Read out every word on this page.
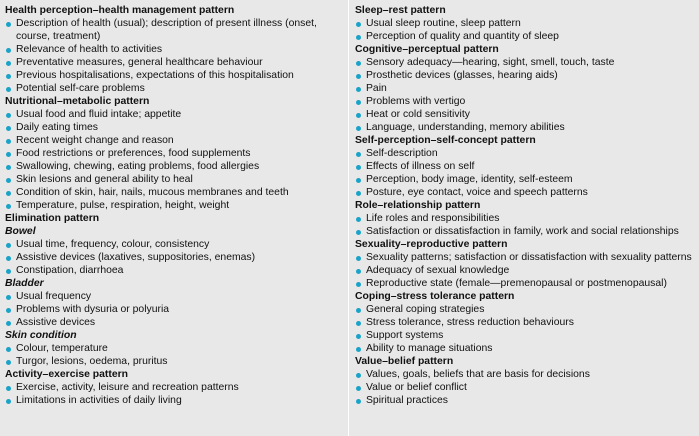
Health perception–health management pattern
Description of health (usual); description of present illness (onset, course, treatment)
Relevance of health to activities
Preventative measures, general healthcare behaviour
Previous hospitalisations, expectations of this hospitalisation
Potential self-care problems
Nutritional–metabolic pattern
Usual food and fluid intake; appetite
Daily eating times
Recent weight change and reason
Food restrictions or preferences, food supplements
Swallowing, chewing, eating problems, food allergies
Skin lesions and general ability to heal
Condition of skin, hair, nails, mucous membranes and teeth
Temperature, pulse, respiration, height, weight
Elimination pattern
Bowel
Usual time, frequency, colour, consistency
Assistive devices (laxatives, suppositories, enemas)
Constipation, diarrhoea
Bladder
Usual frequency
Problems with dysuria or polyuria
Assistive devices
Skin condition
Colour, temperature
Turgor, lesions, oedema, pruritus
Activity–exercise pattern
Exercise, activity, leisure and recreation patterns
Limitations in activities of daily living
Sleep–rest pattern
Usual sleep routine, sleep pattern
Perception of quality and quantity of sleep
Cognitive–perceptual pattern
Sensory adequacy—hearing, sight, smell, touch, taste
Prosthetic devices (glasses, hearing aids)
Pain
Problems with vertigo
Heat or cold sensitivity
Language, understanding, memory abilities
Self-perception–self-concept pattern
Self-description
Effects of illness on self
Perception, body image, identity, self-esteem
Posture, eye contact, voice and speech patterns
Role–relationship pattern
Life roles and responsibilities
Satisfaction or dissatisfaction in family, work and social relationships
Sexuality–reproductive pattern
Sexuality patterns; satisfaction or dissatisfaction with sexuality patterns
Adequacy of sexual knowledge
Reproductive state (female—premenopausal or postmenopausal)
Coping–stress tolerance pattern
General coping strategies
Stress tolerance, stress reduction behaviours
Support systems
Ability to manage situations
Value–belief pattern
Values, goals, beliefs that are basis for decisions
Value or belief conflict
Spiritual practices
